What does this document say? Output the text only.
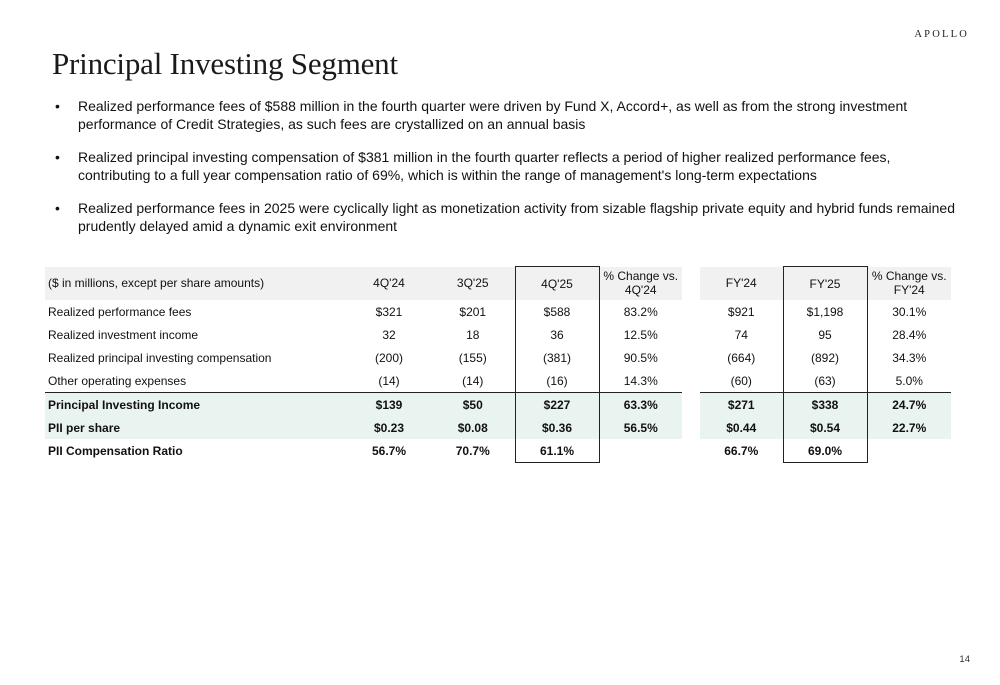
APOLLO
Principal Investing Segment
• Realized performance fees of $588 million in the fourth quarter were driven by Fund X, Accord+, as well as from the strong investment performance of Credit Strategies, as such fees are crystallized on an annual basis
• Realized principal investing compensation of $381 million in the fourth quarter reflects a period of higher realized performance fees, contributing to a full year compensation ratio of 69%, which is within the range of management's long-term expectations
• Realized performance fees in 2025 were cyclically light as monetization activity from sizable flagship private equity and hybrid funds remained prudently delayed amid a dynamic exit environment
($ in millions, except per share amounts)	4Q'24	3Q'25	4Q'25	% Change vs. 4Q'24		FY'24	FY'25	% Change vs. FY'24
Realized performance fees	$321	$201	$588	83.2%		$921	$1,198	30.1%
Realized investment income	32	18	36	12.5%		74	95	28.4%
Realized principal investing compensation	(200)	(155)	(381)	90.5%		(664)	(892)	34.3%
Other operating expenses	(14)	(14)	(16)	14.3%		(60)	(63)	5.0%
Principal Investing Income	$139	$50	$227	63.3%		$271	$338	24.7%
PII per share	$0.23	$0.08	$0.36	56.5%		$0.44	$0.54	22.7%
PII Compensation Ratio	56.7%	70.7%	61.1%			66.7%	69.0%	
14
